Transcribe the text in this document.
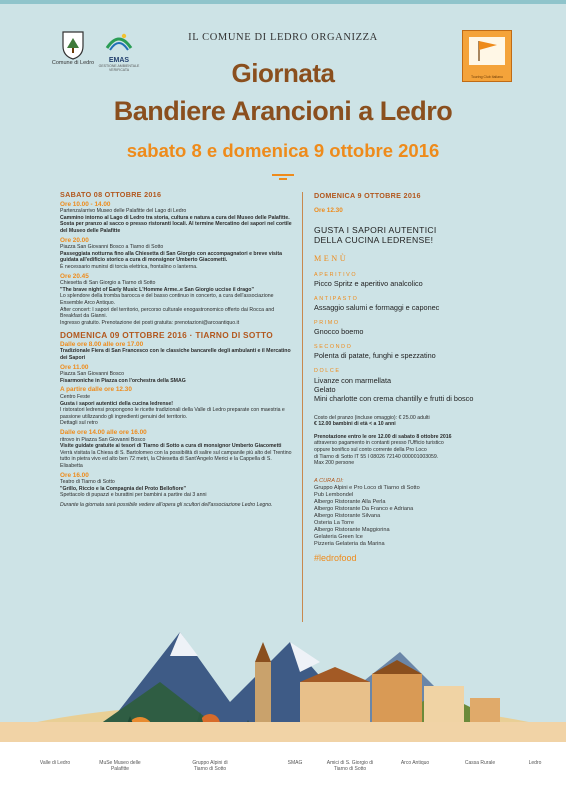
Comune di Ledro	EMAS
GESTIONE AMBIENTALE VERIFICATA
Touring Club Italiano
IL COMUNE DI LEDRO ORGANIZZA
Giornata
Bandiere Arancioni a Ledro
sabato 8 e domenica 9 ottobre 2016
SABATO 08 OTTOBRE 2016
Ore 10.00 - 14.00
Partenza/arrivo Museo delle Palafitte del Lago di Ledro
Cammino intorno al Lago di Ledro tra storia, cultura e natura a cura del Museo delle Palafitte. Sosta per pranzo al sacco o presso ristoranti locali. Al termine Mercatino dei sapori nel cortile del Museo delle Palafitte
Ore 20.00
Piazza San Giovanni Bosco a Tiarno di Sotto
Passeggiata notturna fino alla Chiesetta di San Giorgio con accompagnatori e breve visita guidata all'edificio storico a cura di monsignor Umberto Giacometti.
È necessario munirsi di torcia elettrica, frontalino o lanterna.
Ore 20.45
Chiesetta di San Giorgio a Tiarno di Sotto
"The brave night of Early Music L'Homme Arme..e San Giorgio uccise il drago"
Lo splendore della tromba barocca e del basso continuo in concerto, a cura dell'associazione Ensemble Arco Antiquo.
After concert: I sapori del territorio, percorso culturale enogastronomico offerto dai Rocca and Breakfast da Gianni.
Ingresso gratuito. Prenotazione dei posti gratuita: prenotazioni@arcoantiquo.it
DOMENICA 09 OTTOBRE 2016 · TIARNO DI SOTTO
Dalle ore 8.00 alle ore 17.00
Tradizionale Fiera di San Francesco con le classiche bancarelle degli ambulanti e il Mercatino dei Sapori
Ore 11.00
Piazza San Giovanni Bosco
Fisarmoniche in Piazza con l'orchestra della SMAG
A partire dalle ore 12.30
Centro Feste
Gusta i sapori autentici della cucina ledrense!
I ristoratori ledrensi propongono le ricette tradizionali della Valle di Ledro preparate con maestria e passione utilizzando gli ingredienti genuini del territorio.
Dettagli sul retro
Dalle ore 14.00 alle ore 16.00
ritrovo in Piazza San Giovanni Bosco
Visite guidate gratuite ai tesori di Tiarno di Sotto a cura di monsignor Umberto Giacometti
Verrà visitata la Chiesa di S. Bartolomeo con la possibilità di salire sul campanile più alto del Trentino tutto in pietra vivo ed alto ben 72 metri, la Chiesetta di Sant'Angelo Merici e la Cappella di S. Elisabetta
Ore 16.00
Teatro di Tiarno di Sotto
"Grillo, Riccio e la Compagnia del Proto Bellofiore"
Spettacolo di pupazzi e burattini per bambini a partire dai 3 anni
Durante la giornata sarà possibile vedere all'opera gli scultori dell'associazione Ledro Legno.
DOMENICA 9 OTTOBRE 2016
Ore 12.30
GUSTA I SAPORI AUTENTICI
DELLA CUCINA LEDRENSE!
MENÙ
APERITIVO
Picco Spritz e aperitivo analcolico
ANTIPASTO
Assaggio salumi e formaggi e caponec
PRIMO
Gnocco boemo
SECONDO
Polenta di patate, funghi e spezzatino
DOLCE
Livanze con marmellata
Gelato
Mini charlotte con crema chantilly e frutti di bosco
Costo del pranzo (incluse omaggio): € 25.00 adulti
€ 12.00 bambini di età < a 10 anni
Prenotazione entro le ore 12.00 di sabato 8 ottobre 2016
attraverso pagamento in contanti presso l'Ufficio turistico
oppure bonifico sul conto corrente della Pro Loco
di Tiarno di Sotto IT 55 I 08026 72140 000001003059.
Max 200 persone
A CURA DI:
Gruppo Alpini e Pro Loco di Tiarno di Sotto
Pub Lembondel
Albergo Ristorante Alla Perla
Albergo Ristorante Da Franco e Adriana
Albergo Ristorante Silvana
Osteria La Torre
Albergo Ristorante Maggiorina
Gelateria Green Ice
Pizzeria Gelateria da Marina
#ledrofood
Valle di Ledro	MuSe Museo delle Palafitte
Gruppo Alpini di Tiarno di Sotto
SMAG	Amici di S. Giorgio di Tiarno di Sotto
Arco Antiquo	Cassa Rurale	Ledro
